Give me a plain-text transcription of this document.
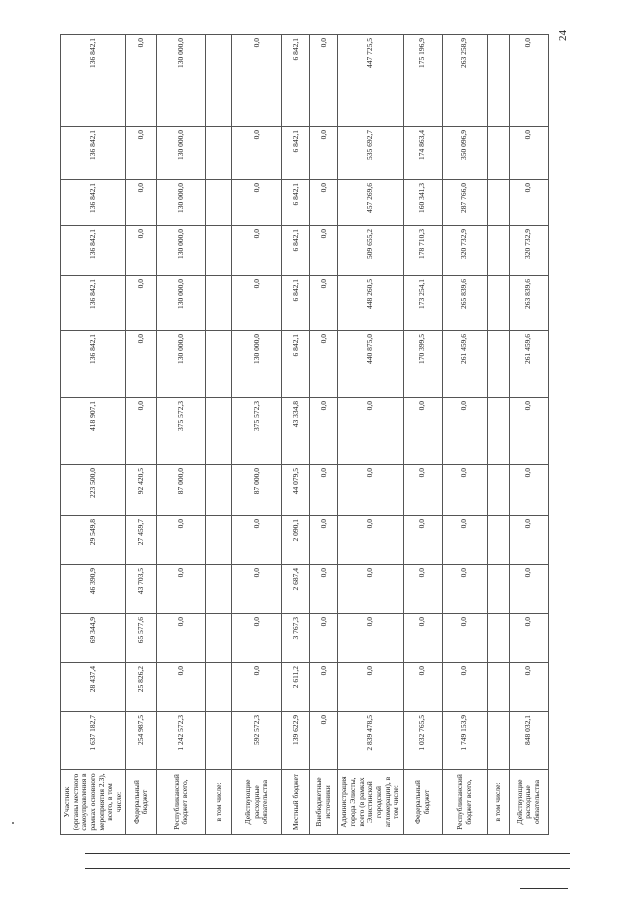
24
Участник (органы местного самоуправления в рамках основного мероприятия 2.3), всего, в том числе:	1 637 182,7	28 437,4	69 344,9	46 390,9	29 549,8	223 500,0	418 907,1	136 842,1	136 842,1	136 842,1	136 842,1	136 842,1	136 842,1	
Федеральный бюджет	254 987,5	25 826,2	65 577,6	43 703,5	27 459,7	92 420,5	0,0	0,0	0,0	0,0	0,0	0,0	0,0	
Республиканский бюджет всего,	1 242 572,3	0,0	0,0	0,0	0,0	87 000,0	375 572,3	130 000,0	130 000,0	130 000,0	130 000,0	130 000,0	130 000,0	
в том числе:														
Действующие расходные обязательства	592 572,3	0,0	0,0	0,0	0,0	87 000,0	375 572,3	130 000,0	0,0	0,0	0,0	0,0	0,0	
Местный бюджет	139 622,9	2 611,2	3 767,3	2 687,4	2 090,1	44 079,5	43 334,8	6 842,1	6 842,1	6 842,1	6 842,1	6 842,1	6 842,1	
Внебюджетные источники	0,0	0,0	0,0	0,0	0,0	0,0	0,0	0,0	0,0	0,0	0,0	0,0	0,0	
Администрация города Элисты, всего (в рамках Элистинской городской агломерации), в том числе:	2 839 478,5	0,0	0,0	0,0	0,0	0,0	0,0	440 875,0	448 260,5	509 655,2	457 269,6	535 692,7	447 725,5	
Федеральный бюджет	1 032 765,5	0,0	0,0	0,0	0,0	0,0	0,0	170 399,5	173 254,1	178 710,3	160 341,3	174 863,4	175 196,9	
Республиканский бюджет всего,	1 749 153,9	0,0	0,0	0,0	0,0	0,0	0,0	261 459,6	265 839,6	320 732,9	287 766,0	350 096,9	263 258,9	
в том числе:														
Действующие расходные обязательства	848 032,1	0,0	0,0	0,0	0,0	0,0	0,0	261 459,6	263 839,6	320 732,9	0,0	0,0	0,0	
